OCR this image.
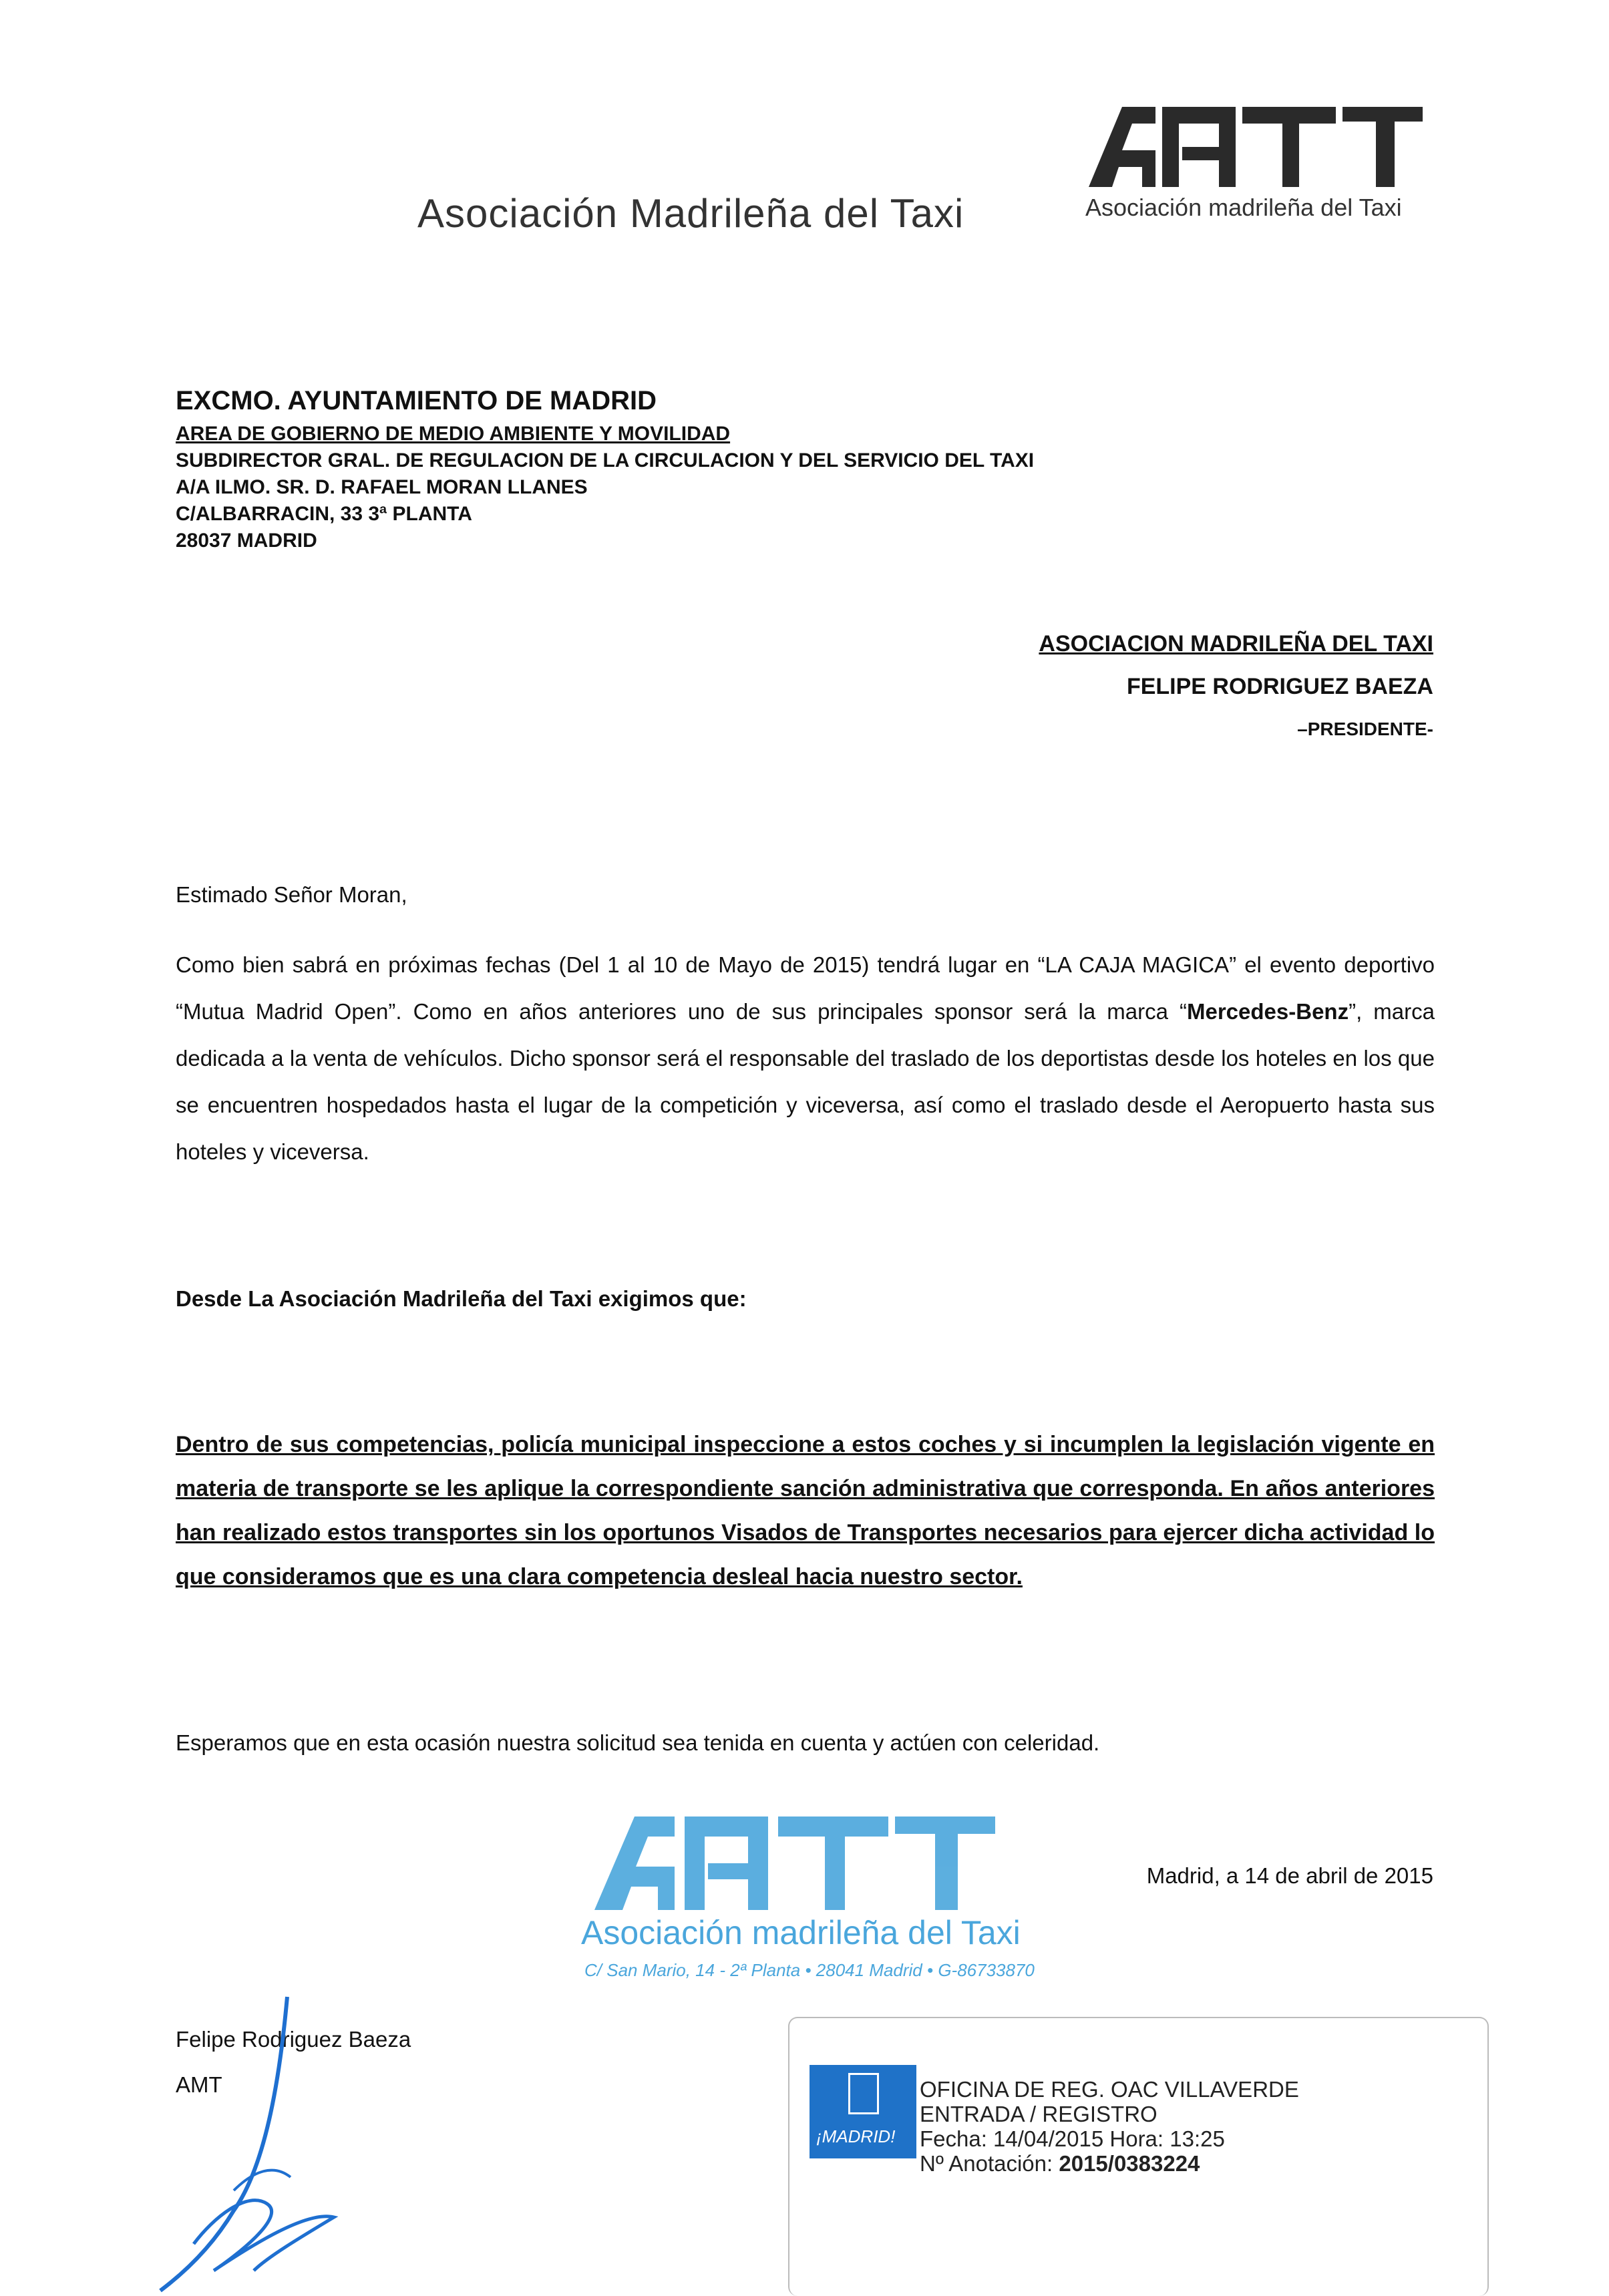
Asociación Madrileña del Taxi
AMT
Asociación madrileña del Taxi
EXCMO. AYUNTAMIENTO DE MADRID
AREA DE GOBIERNO DE MEDIO AMBIENTE Y MOVILIDAD
SUBDIRECTOR GRAL. DE REGULACION DE LA CIRCULACION Y DEL SERVICIO DEL TAXI
A/A ILMO. SR. D. RAFAEL MORAN LLANES
C/ALBARRACIN, 33 3ª PLANTA
28037 MADRID
ASOCIACION MADRILEÑA DEL TAXI
FELIPE RODRIGUEZ BAEZA
–PRESIDENTE-
Estimado Señor Moran,
Como bien sabrá en próximas fechas (Del 1 al 10 de Mayo de 2015) tendrá lugar en “LA CAJA MAGICA” el evento deportivo “Mutua Madrid Open”. Como en años anteriores uno de sus principales sponsor será la marca “Mercedes-Benz”, marca dedicada a la venta de vehículos. Dicho sponsor será el responsable del traslado de los deportistas desde los hoteles en los que se encuentren hospedados hasta el lugar de la competición y viceversa, así como el traslado desde el Aeropuerto hasta sus hoteles y viceversa.
Desde La Asociación Madrileña del Taxi exigimos que:
Dentro de sus competencias, policía municipal inspeccione a estos coches y si incumplen la legislación vigente en materia de transporte se les aplique la correspondiente sanción administrativa que corresponda. En años anteriores han realizado estos transportes sin los oportunos Visados de Transportes necesarios para ejercer dicha actividad lo que consideramos que es una clara competencia desleal hacia nuestro sector.
Esperamos que en esta ocasión nuestra solicitud sea tenida en cuenta y actúen con celeridad.
Madrid, a 14 de abril de 2015
AMT
Asociación madrileña del Taxi
C/ San Mario, 14 - 2ª Planta • 28041 Madrid • G-86733870
Felipe Rodriguez Baeza
AMT
¡MADRID!
OFICINA DE REG. OAC VILLAVERDE
ENTRADA / REGISTRO
Fecha: 14/04/2015 Hora: 13:25
Nº Anotación: 2015/0383224
